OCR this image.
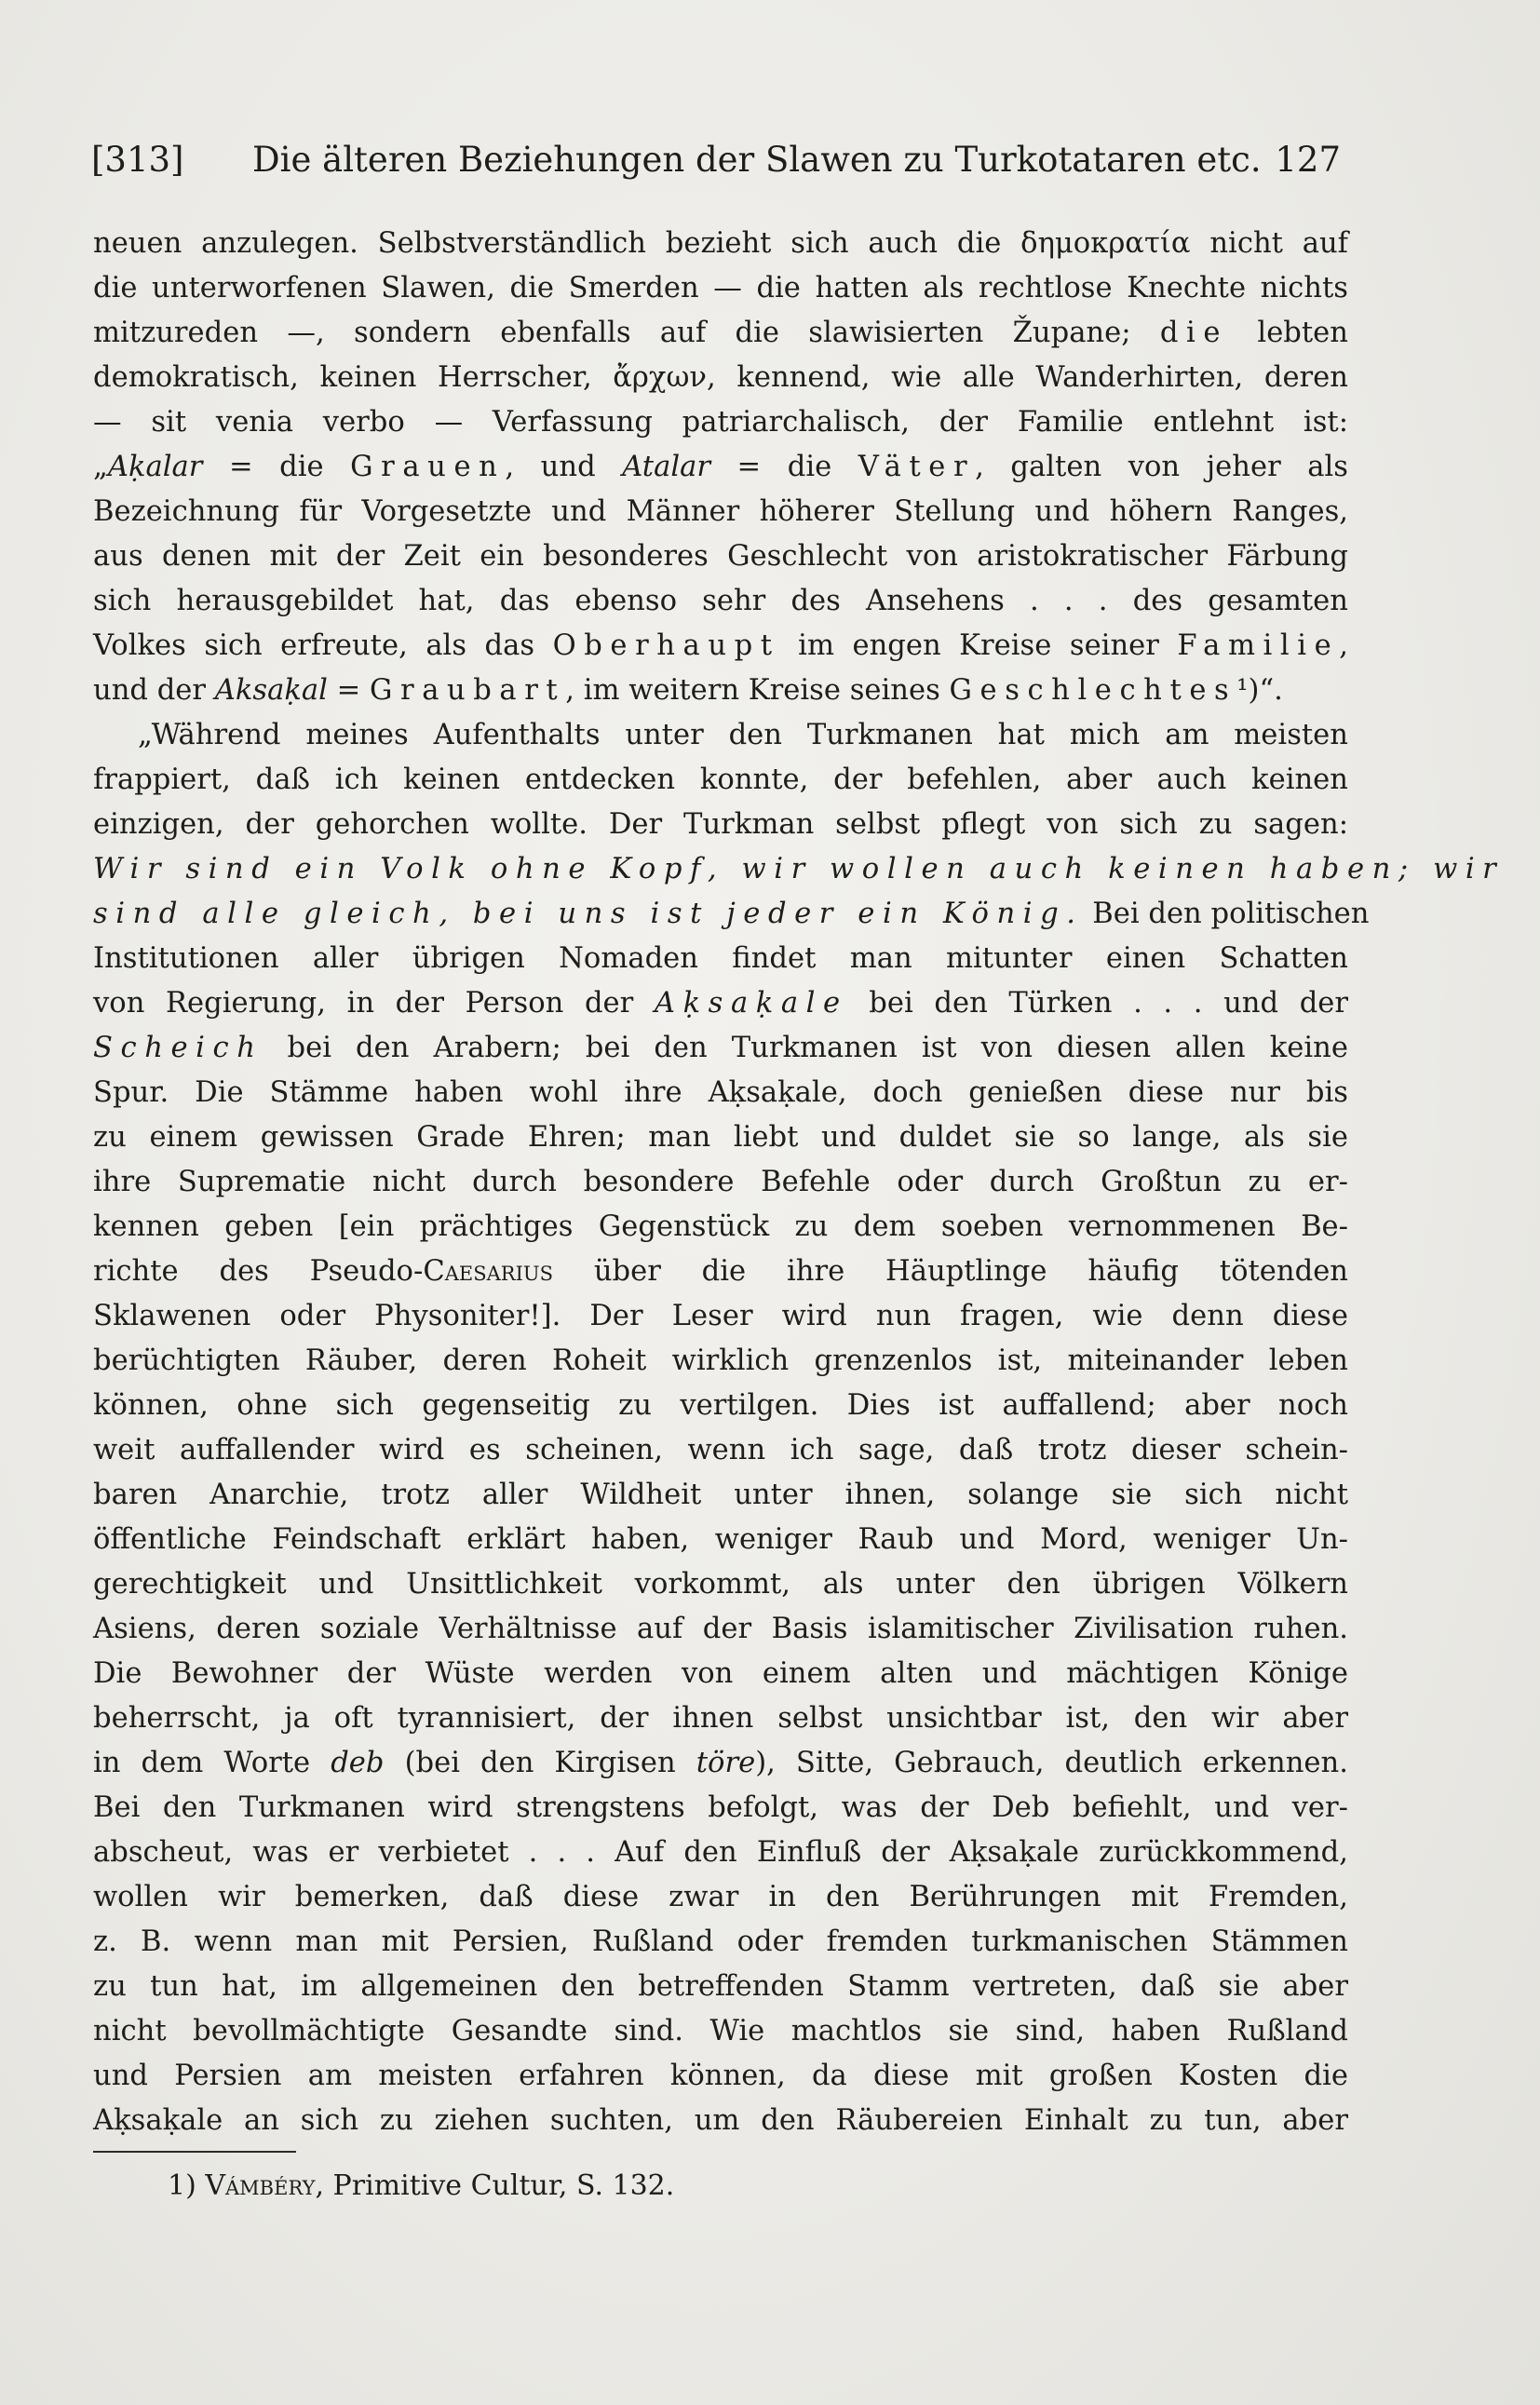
[313] Die älteren Beziehungen der Slawen zu Turkotataren etc. 127
neuen anzulegen. Selbstverständlich bezieht sich auch die δημοκρατία nicht auf
die unterworfenen Slawen, die Smerden — die hatten als rechtlose Knechte nichts
mitzureden —, sondern ebenfalls auf die slawisierten Župane; die lebten
demokratisch, keinen Herrscher, ἄρχων, kennend, wie alle Wanderhirten, deren
— sit venia verbo — Verfassung patriarchalisch, der Familie entlehnt ist:
„Aḳalar = die Grauen, und Atalar = die Väter, galten von jeher als
Bezeichnung für Vorgesetzte und Männer höherer Stellung und höhern Ranges,
aus denen mit der Zeit ein besonderes Geschlecht von aristokratischer Färbung
sich herausgebildet hat, das ebenso sehr des Ansehens . . . des gesamten
Volkes sich erfreute, als das Oberhaupt im engen Kreise seiner Familie,
und der Aksaḳal = Graubart, im weitern Kreise seines Geschlechtes¹)“.
„Während meines Aufenthalts unter den Turkmanen hat mich am meisten
frappiert, daß ich keinen entdecken konnte, der befehlen, aber auch keinen
einzigen, der gehorchen wollte. Der Turkman selbst pflegt von sich zu sagen:
Wir sind ein Volk ohne Kopf, wir wollen auch keinen haben; wir
sind alle gleich, bei uns ist jeder ein König. Bei den politischen
Institutionen aller übrigen Nomaden findet man mitunter einen Schatten
von Regierung, in der Person der Aḳsaḳale bei den Türken . . . und der
Scheich bei den Arabern; bei den Turkmanen ist von diesen allen keine
Spur. Die Stämme haben wohl ihre Aḳsaḳale, doch genießen diese nur bis
zu einem gewissen Grade Ehren; man liebt und duldet sie so lange, als sie
ihre Suprematie nicht durch besondere Befehle oder durch Großtun zu er-
kennen geben [ein prächtiges Gegenstück zu dem soeben vernommenen Be-
richte des Pseudo-Caesarius über die ihre Häuptlinge häufig tötenden
Sklawenen oder Physoniter!]. Der Leser wird nun fragen, wie denn diese
berüchtigten Räuber, deren Roheit wirklich grenzenlos ist, miteinander leben
können, ohne sich gegenseitig zu vertilgen. Dies ist auffallend; aber noch
weit auffallender wird es scheinen, wenn ich sage, daß trotz dieser schein-
baren Anarchie, trotz aller Wildheit unter ihnen, solange sie sich nicht
öffentliche Feindschaft erklärt haben, weniger Raub und Mord, weniger Un-
gerechtigkeit und Unsittlichkeit vorkommt, als unter den übrigen Völkern
Asiens, deren soziale Verhältnisse auf der Basis islamitischer Zivilisation ruhen.
Die Bewohner der Wüste werden von einem alten und mächtigen Könige
beherrscht, ja oft tyrannisiert, der ihnen selbst unsichtbar ist, den wir aber
in dem Worte deb (bei den Kirgisen töre), Sitte, Gebrauch, deutlich erkennen.
Bei den Turkmanen wird strengstens befolgt, was der Deb befiehlt, und ver-
abscheut, was er verbietet . . . Auf den Einfluß der Aḳsaḳale zurückkommend,
wollen wir bemerken, daß diese zwar in den Berührungen mit Fremden,
z. B. wenn man mit Persien, Rußland oder fremden turkmanischen Stämmen
zu tun hat, im allgemeinen den betreffenden Stamm vertreten, daß sie aber
nicht bevollmächtigte Gesandte sind. Wie machtlos sie sind, haben Rußland
und Persien am meisten erfahren können, da diese mit großen Kosten die
Aḳsaḳale an sich zu ziehen suchten, um den Räubereien Einhalt zu tun, aber
1) Vámbéry, Primitive Cultur, S. 132.
